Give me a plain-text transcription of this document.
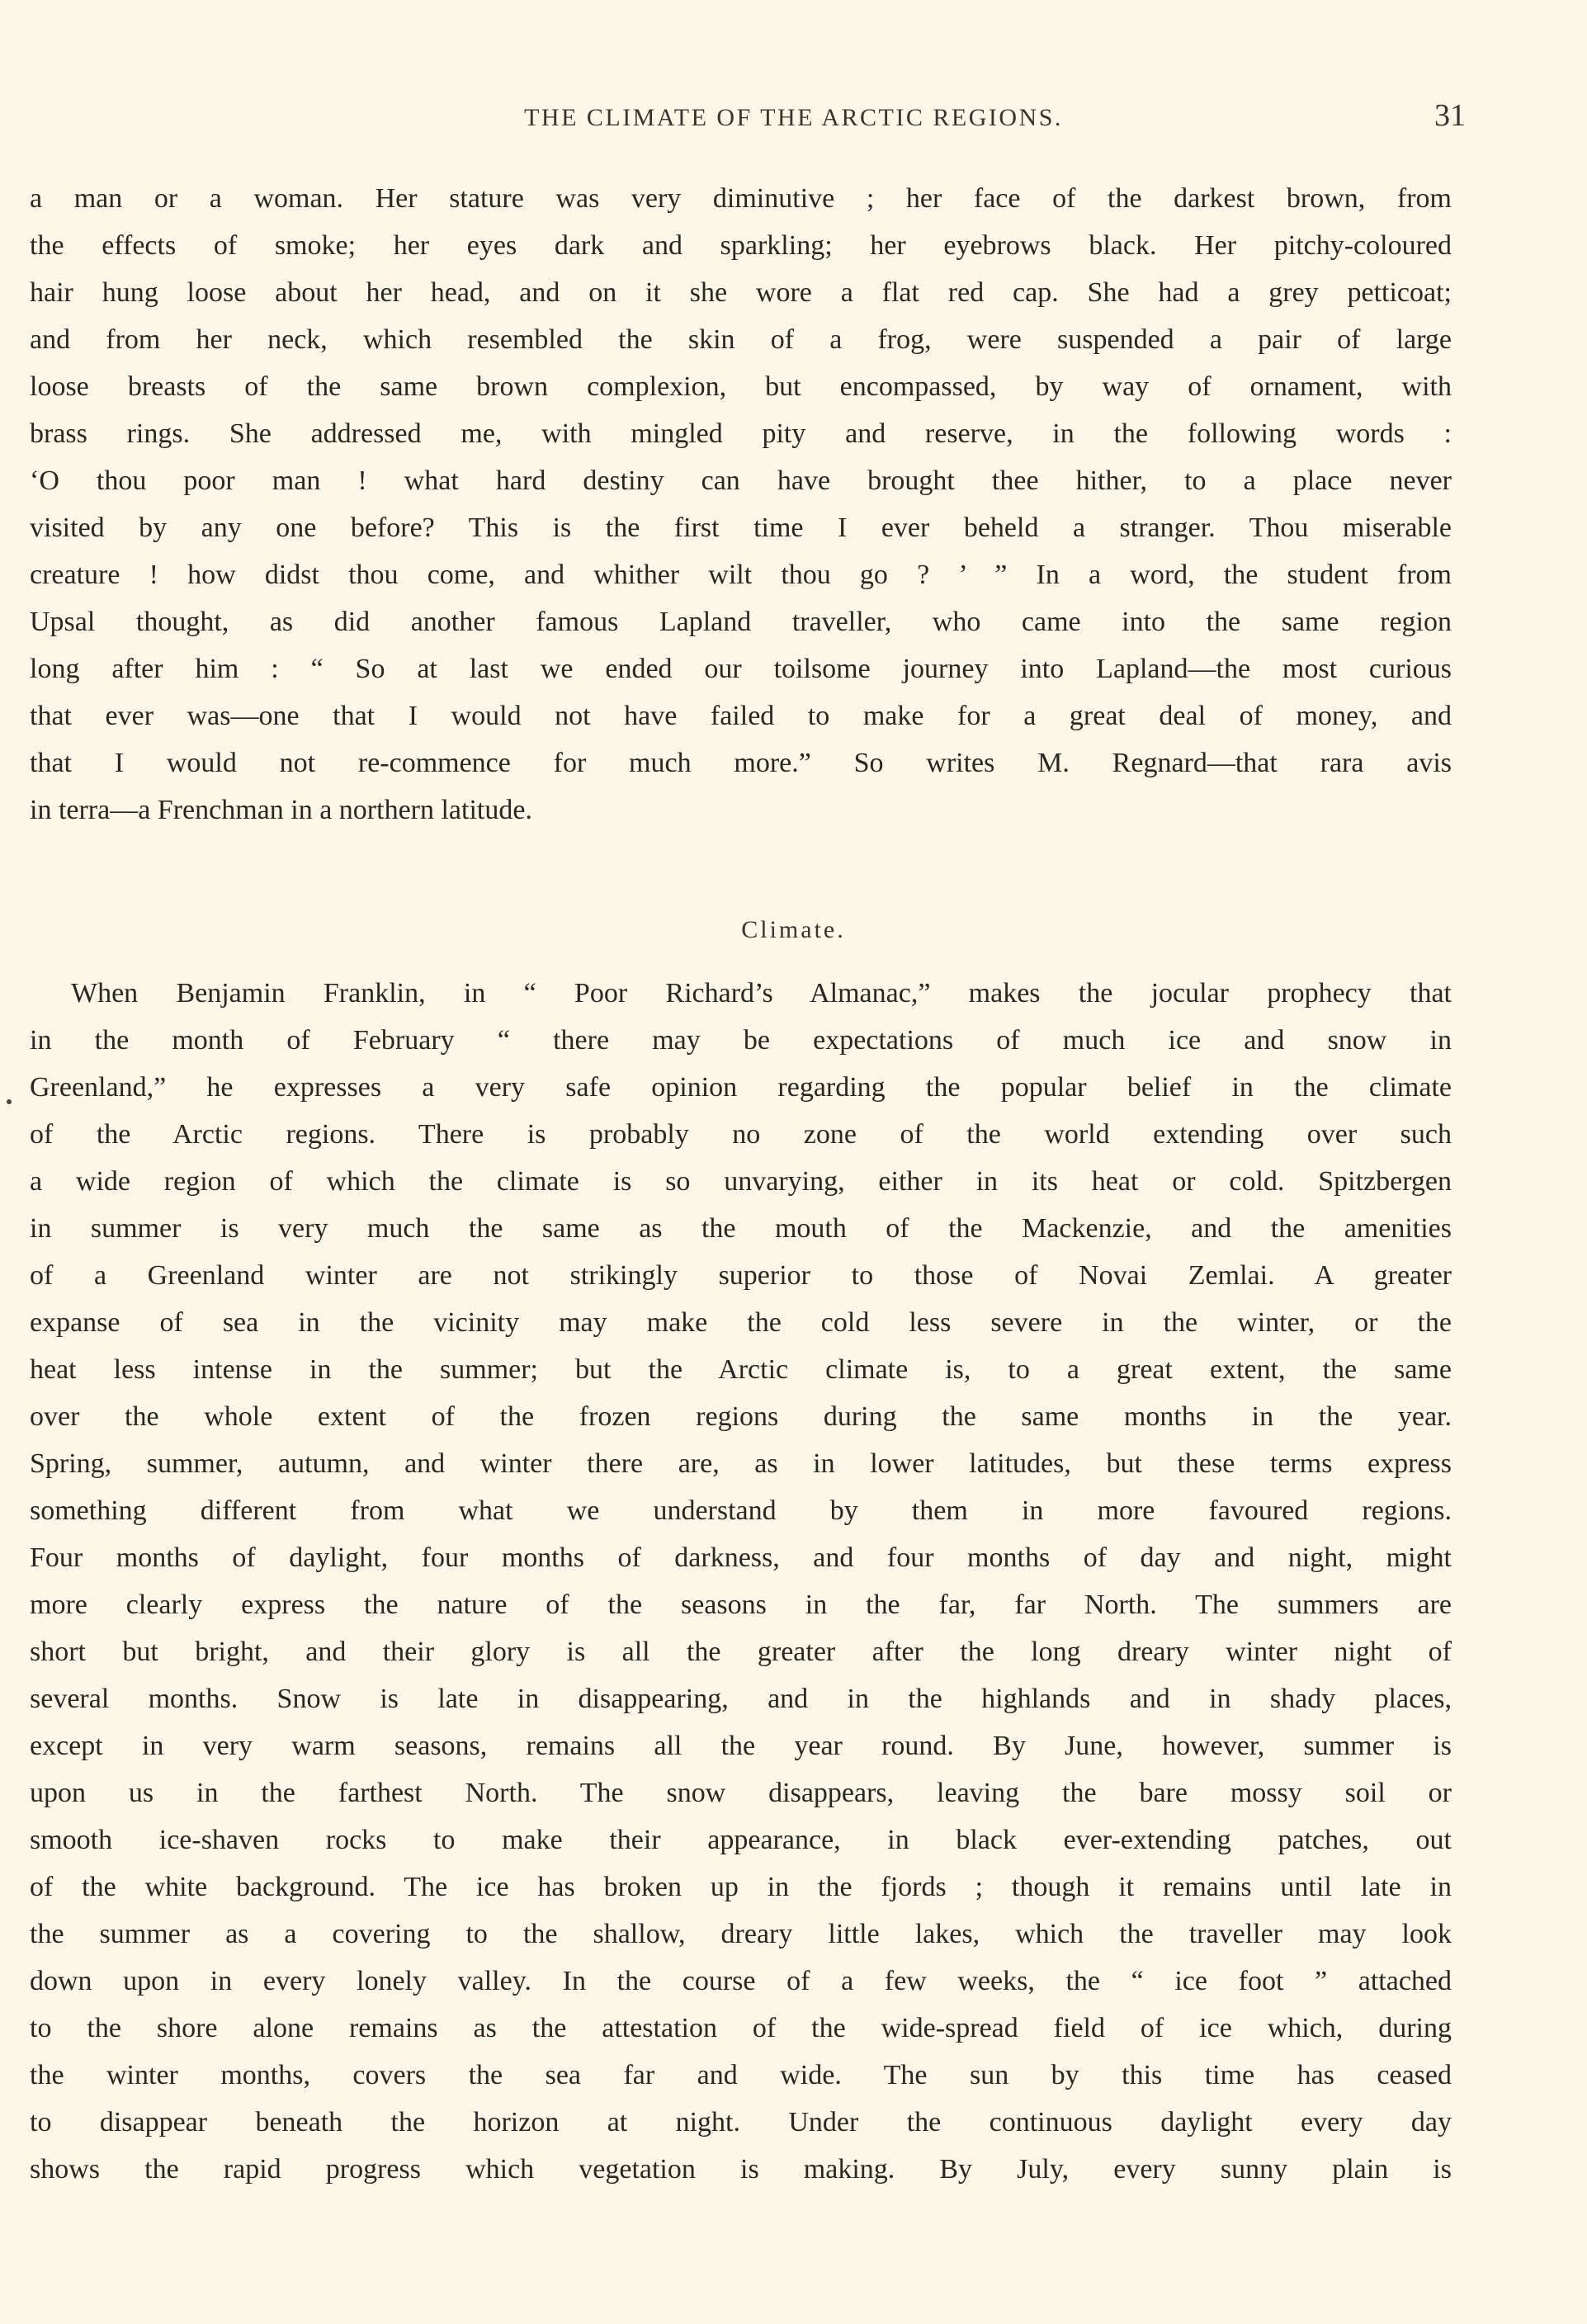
THE CLIMATE OF THE ARCTIC REGIONS.	31
a man or a woman. Her stature was very diminutive ; her face of the darkest brown, from
the effects of smoke; her eyes dark and sparkling; her eyebrows black. Her pitchy-coloured
hair hung loose about her head, and on it she wore a flat red cap. She had a grey petticoat;
and from her neck, which resembled the skin of a frog, were suspended a pair of large
loose breasts of the same brown complexion, but encompassed, by way of ornament, with
brass rings. She addressed me, with mingled pity and reserve, in the following words :
‘O thou poor man ! what hard destiny can have brought thee hither, to a place never
visited by any one before? This is the first time I ever beheld a stranger. Thou miserable
creature ! how didst thou come, and whither wilt thou go ? ’ ” In a word, the student from
Upsal thought, as did another famous Lapland traveller, who came into the same region
long after him : “ So at last we ended our toilsome journey into Lapland—the most curious
that ever was—one that I would not have failed to make for a great deal of money, and
that I would not re-commence for much more.” So writes M. Regnard—that rara avis
in terra—a Frenchman in a northern latitude.
Climate.
When Benjamin Franklin, in “ Poor Richard’s Almanac,” makes the jocular prophecy that
in the month of February “ there may be expectations of much ice and snow in
Greenland,” he expresses a very safe opinion regarding the popular belief in the climate
of the Arctic regions. There is probably no zone of the world extending over such
a wide region of which the climate is so unvarying, either in its heat or cold. Spitzbergen
in summer is very much the same as the mouth of the Mackenzie, and the amenities
of a Greenland winter are not strikingly superior to those of Novai Zemlai. A greater
expanse of sea in the vicinity may make the cold less severe in the winter, or the
heat less intense in the summer; but the Arctic climate is, to a great extent, the same
over the whole extent of the frozen regions during the same months in the year.
Spring, summer, autumn, and winter there are, as in lower latitudes, but these terms express
something different from what we understand by them in more favoured regions.
Four months of daylight, four months of darkness, and four months of day and night, might
more clearly express the nature of the seasons in the far, far North. The summers are
short but bright, and their glory is all the greater after the long dreary winter night of
several months. Snow is late in disappearing, and in the highlands and in shady places,
except in very warm seasons, remains all the year round. By June, however, summer is
upon us in the farthest North. The snow disappears, leaving the bare mossy soil or
smooth ice-shaven rocks to make their appearance, in black ever-extending patches, out
of the white background. The ice has broken up in the fjords ; though it remains until late in
the summer as a covering to the shallow, dreary little lakes, which the traveller may look
down upon in every lonely valley. In the course of a few weeks, the “ ice foot ” attached
to the shore alone remains as the attestation of the wide-spread field of ice which, during
the winter months, covers the sea far and wide. The sun by this time has ceased
to disappear beneath the horizon at night. Under the continuous daylight every day
shows the rapid progress which vegetation is making. By July, every sunny plain is
